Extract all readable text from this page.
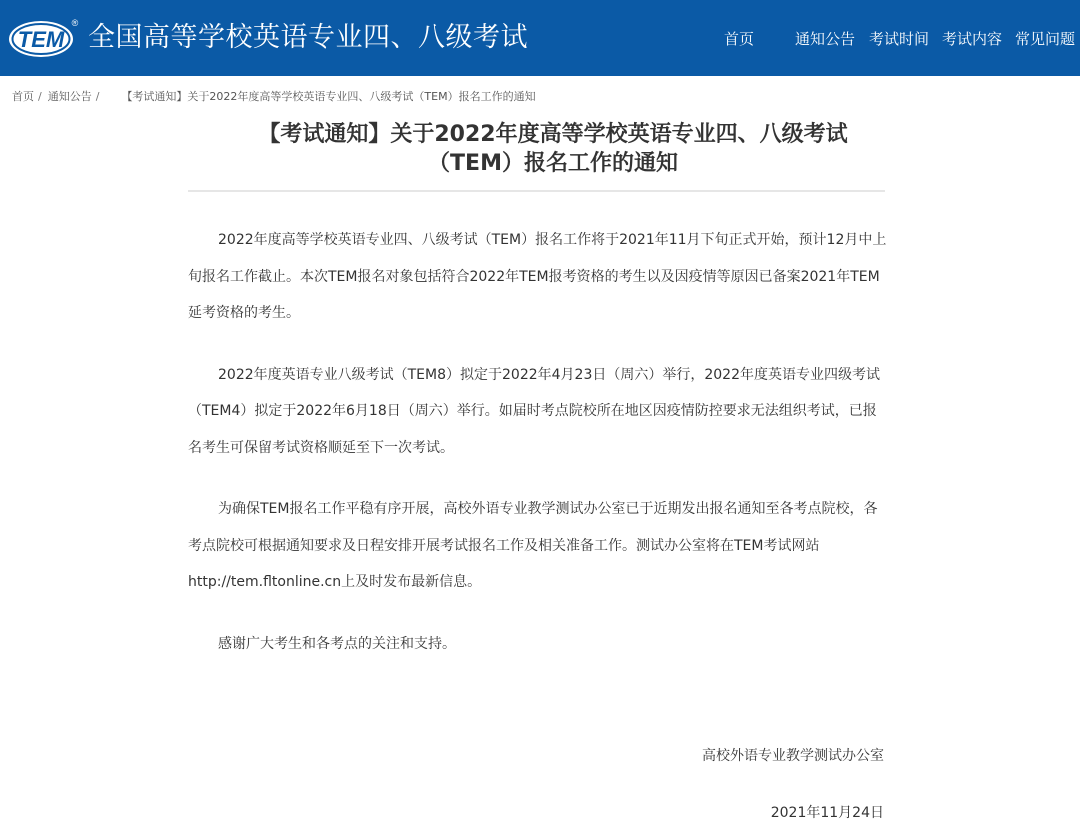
TEM
® 全国高等学校英语专业四、八级考试	首页	通知公告 考试时间 考试内容 常见问题
首页 / 通知公告 / 【考试通知】关于2022年度高等学校英语专业四、八级考试（TEM）报名工作的通知
【考试通知】关于2022年度高等学校英语专业四、八级考试
（TEM）报名工作的通知

2022年度高等学校英语专业四、八级考试（TEM）报名工作将于2021年11月下旬正式开始，预计12月中上旬报名工作截止。本次TEM报名对象包括符合2022年TEM报考资格的考生以及因疫情等原因已备案2021年TEM延考资格的考生。

2022年度英语专业八级考试（TEM8）拟定于2022年4月23日（周六）举行，2022年度英语专业四级考试（TEM4）拟定于2022年6月18日（周六）举行。如届时考点院校所在地区因疫情防控要求无法组织考试，已报名考生可保留考试资格顺延至下一次考试。

为确保TEM报名工作平稳有序开展，高校外语专业教学测试办公室已于近期发出报名通知至各考点院校，各考点院校可根据通知要求及日程安排开展考试报名工作及相关准备工作。测试办公室将在TEM考试网站http://tem.fltonline.cn上及时发布最新信息。

感谢广大考生和各考点的关注和支持。

高校外语专业教学测试办公室
2021年11月24日
